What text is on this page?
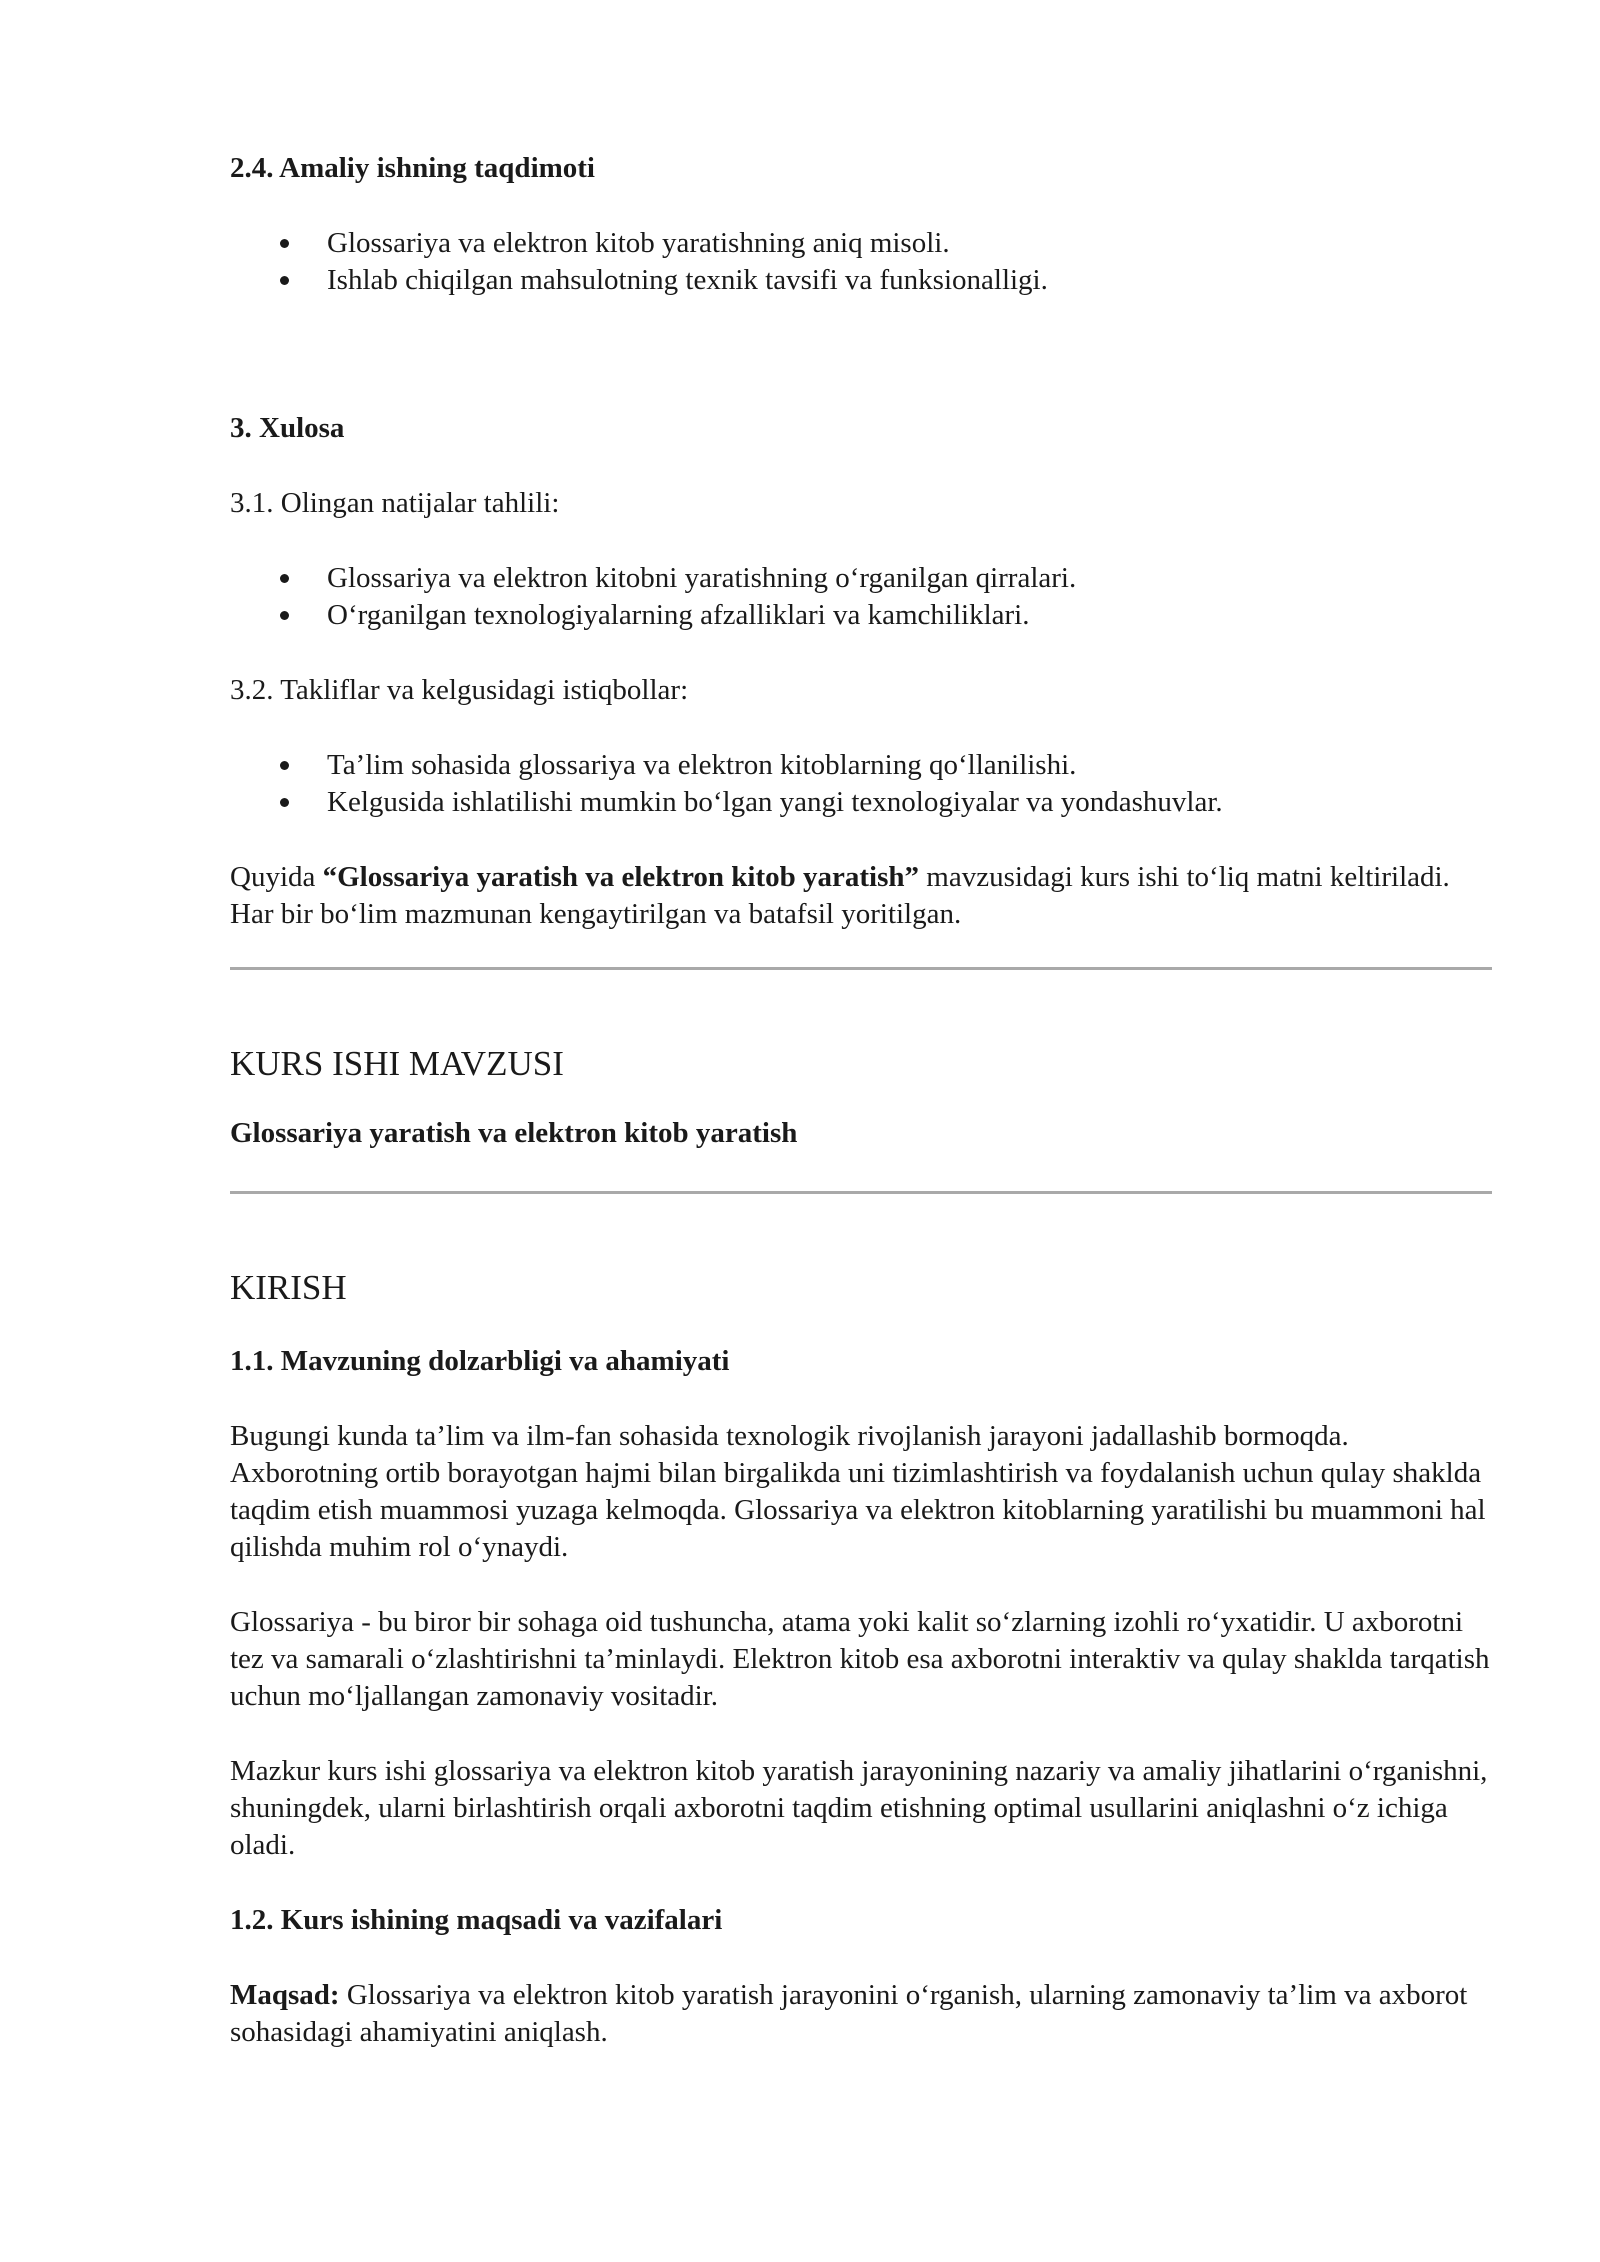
2.4. Amaliy ishning taqdimoti

Glossariya va elektron kitob yaratishning aniq misoli.
Ishlab chiqilgan mahsulotning texnik tavsifi va funksionalligi.

3. Xulosa

3.1. Olingan natijalar tahlili:

Glossariya va elektron kitobni yaratishning o‘rganilgan qirralari.
O‘rganilgan texnologiyalarning afzalliklari va kamchiliklari.

3.2. Takliflar va kelgusidagi istiqbollar:

Ta’lim sohasida glossariya va elektron kitoblarning qo‘llanilishi.
Kelgusida ishlatilishi mumkin bo‘lgan yangi texnologiyalar va yondashuvlar.

Quyida “Glossariya yaratish va elektron kitob yaratish” mavzusidagi kurs ishi to‘liq matni keltiriladi. Har bir bo‘lim mazmunan kengaytirilgan va batafsil yoritilgan.

KURS ISHI MAVZUSI

Glossariya yaratish va elektron kitob yaratish

KIRISH

1.1. Mavzuning dolzarbligi va ahamiyati

Bugungi kunda ta’lim va ilm-fan sohasida texnologik rivojlanish jarayoni jadallashib bormoqda. Axborotning ortib borayotgan hajmi bilan birgalikda uni tizimlashtirish va foydalanish uchun qulay shaklda taqdim etish muammosi yuzaga kelmoqda. Glossariya va elektron kitoblarning yaratilishi bu muammoni hal qilishda muhim rol o‘ynaydi.

Glossariya - bu biror bir sohaga oid tushuncha, atama yoki kalit so‘zlarning izohli ro‘yxatidir. U axborotni tez va samarali o‘zlashtirishni ta’minlaydi. Elektron kitob esa axborotni interaktiv va qulay shaklda tarqatish uchun mo‘ljallangan zamonaviy vositadir.

Mazkur kurs ishi glossariya va elektron kitob yaratish jarayonining nazariy va amaliy jihatlarini o‘rganishni, shuningdek, ularni birlashtirish orqali axborotni taqdim etishning optimal usullarini aniqlashni o‘z ichiga oladi.

1.2. Kurs ishining maqsadi va vazifalari

Maqsad: Glossariya va elektron kitob yaratish jarayonini o‘rganish, ularning zamonaviy ta’lim va axborot sohasidagi ahamiyatini aniqlash.
